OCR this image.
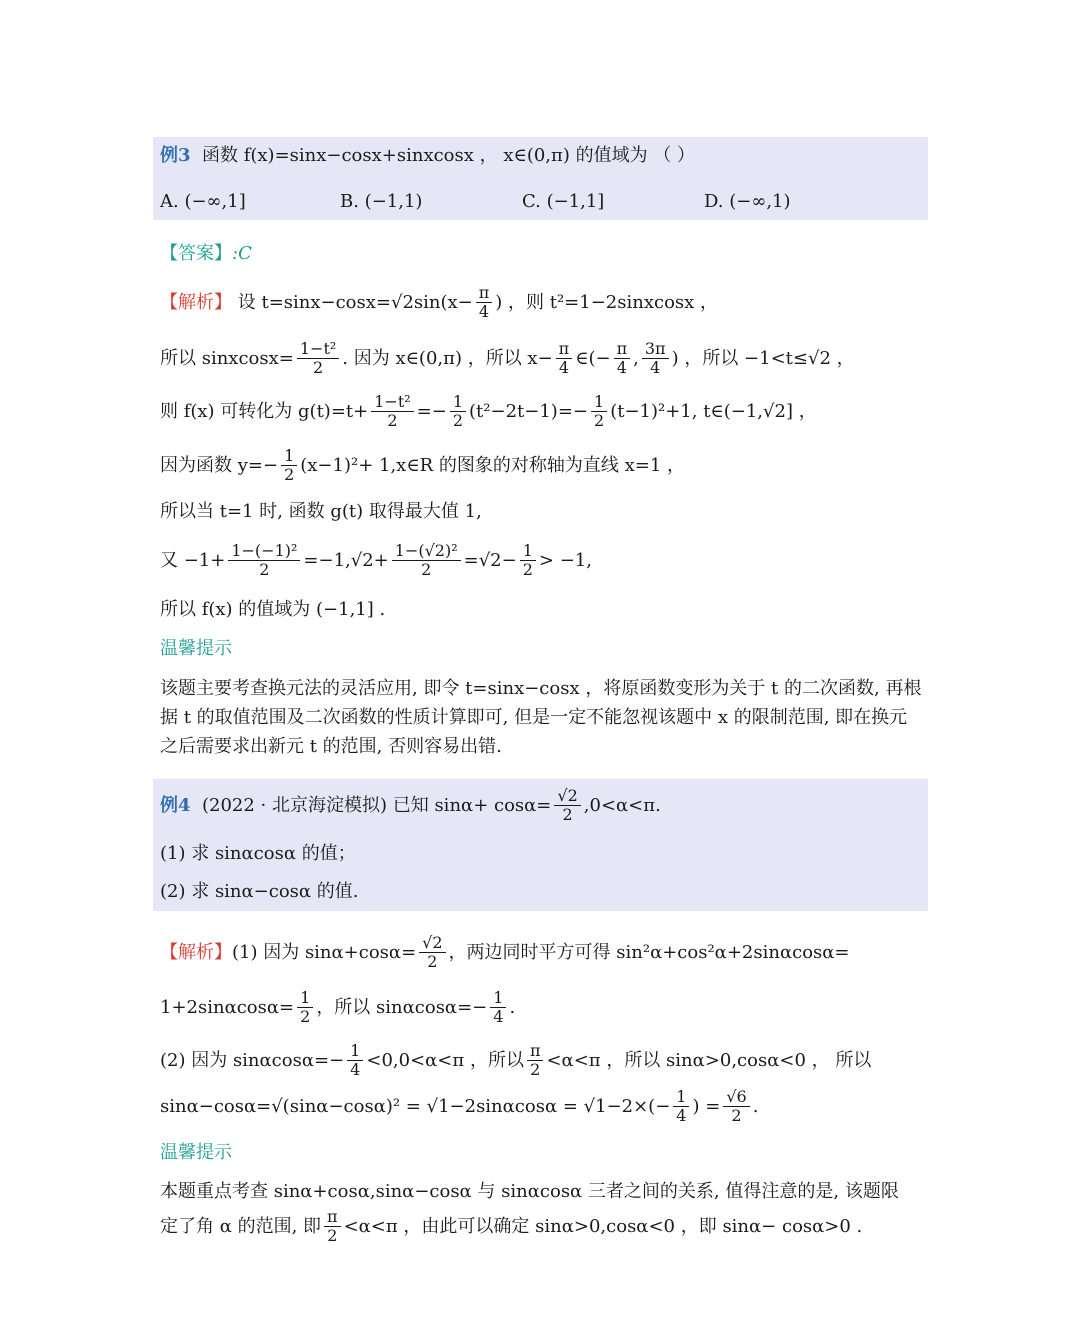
例3 函数 f(x)=sinx−cosx+sinxcosx ， x∈(0,π) 的值域为 （ ）
A. (−∞,1]	B. (−1,1)	C. (−1,1]	D. (−∞,1)
【答案】:C
【解析】 设 $t=\sin x-\cos x=√2\sin(x- \frac{\pi}{4}$ ) ，则 t²=1−2sinxcosx ，
所以 sinxcosx= $\frac{\text{1−t²}}{2}$ . 因为 x∈(0,π) ，所以 $x- \frac{\pi}{4}$ ∈(− $\frac{\pi}{4}$ , $\frac{3\pi}{4}$ ) ，所以 −1<t≤√2 ，
则 f(x) 可转化为 $g(t)=t+ \frac{\text{1−t²}}{2} =- \frac{1}{2} (t^2-2t-1)=- \frac{1}{2} (t-1)^2+1$, t∈(−1,√2] ，
因为函数 $y=- \frac{1}{2} (x-1)^2+$ 1,x∈R 的图象的对称轴为直线 x=1 ，
所以当 t=1 时, 函数 g(t) 取得最大值 1,
又 $-1+ \frac{\text{1−(−1)²}}{2} =-1,√2+ \frac{\text{1−(√2)²}}{2} =√2- \frac{1}{2} > -1$,
所以 f(x) 的值域为 (−1,1] .
温馨提示
该题主要考查换元法的灵活应用, 即令 t=sinx−cosx ，将原函数变形为关于 t 的二次函数, 再根据 t 的取值范围及二次函数的性质计算即可, 但是一定不能忽视该题中 x 的限制范围, 即在换元之后需要求出新元 t 的范围, 否则容易出错.
例4 (2022 · 北京海淀模拟) 已知 $\sin\alpha+ \cos\alpha= \frac{√2}{2} ,0<\alpha<\pi$.
(1) 求 sinαcosα 的值；
(2) 求 sinα−cosα 的值.
【解析】(1) 因为 $\sin\alpha+\cos\alpha= \frac{√2}{2}$ ，两边同时平方可得 sin²α+cos²α+2sinαcosα=
$1+2\sin\alpha\cos\alpha= \frac{1}{2}$ ，所以 $\sin\alpha\cos\alpha=- \frac{1}{4}$ .
(2) 因为 $\sin\alpha\cos\alpha=- \frac{1}{4} <0,0<\alpha<\pi$ ，所以 $\frac{\pi}{2} <\alpha<\pi$ ，所以 sinα>0,cosα<0 ， 所以
$\sin\alpha-\cos\alpha=√(\sin\alpha-\cos\alpha)^2 = √1-2\sin\alpha\cos\alpha = √1-2\times(- \frac{1}{4}$ ) = $\frac{√6}{2}$ .
温馨提示
本题重点考查 sinα+cosα,sinα−cosα 与 sinαcosα 三者之间的关系, 值得注意的是, 该题限
定了角 α 的范围, 即 $\frac{\pi}{2} <\alpha<\pi$ ，由此可以确定 sinα>0,cosα<0 ，即 sinα− cosα>0 .
